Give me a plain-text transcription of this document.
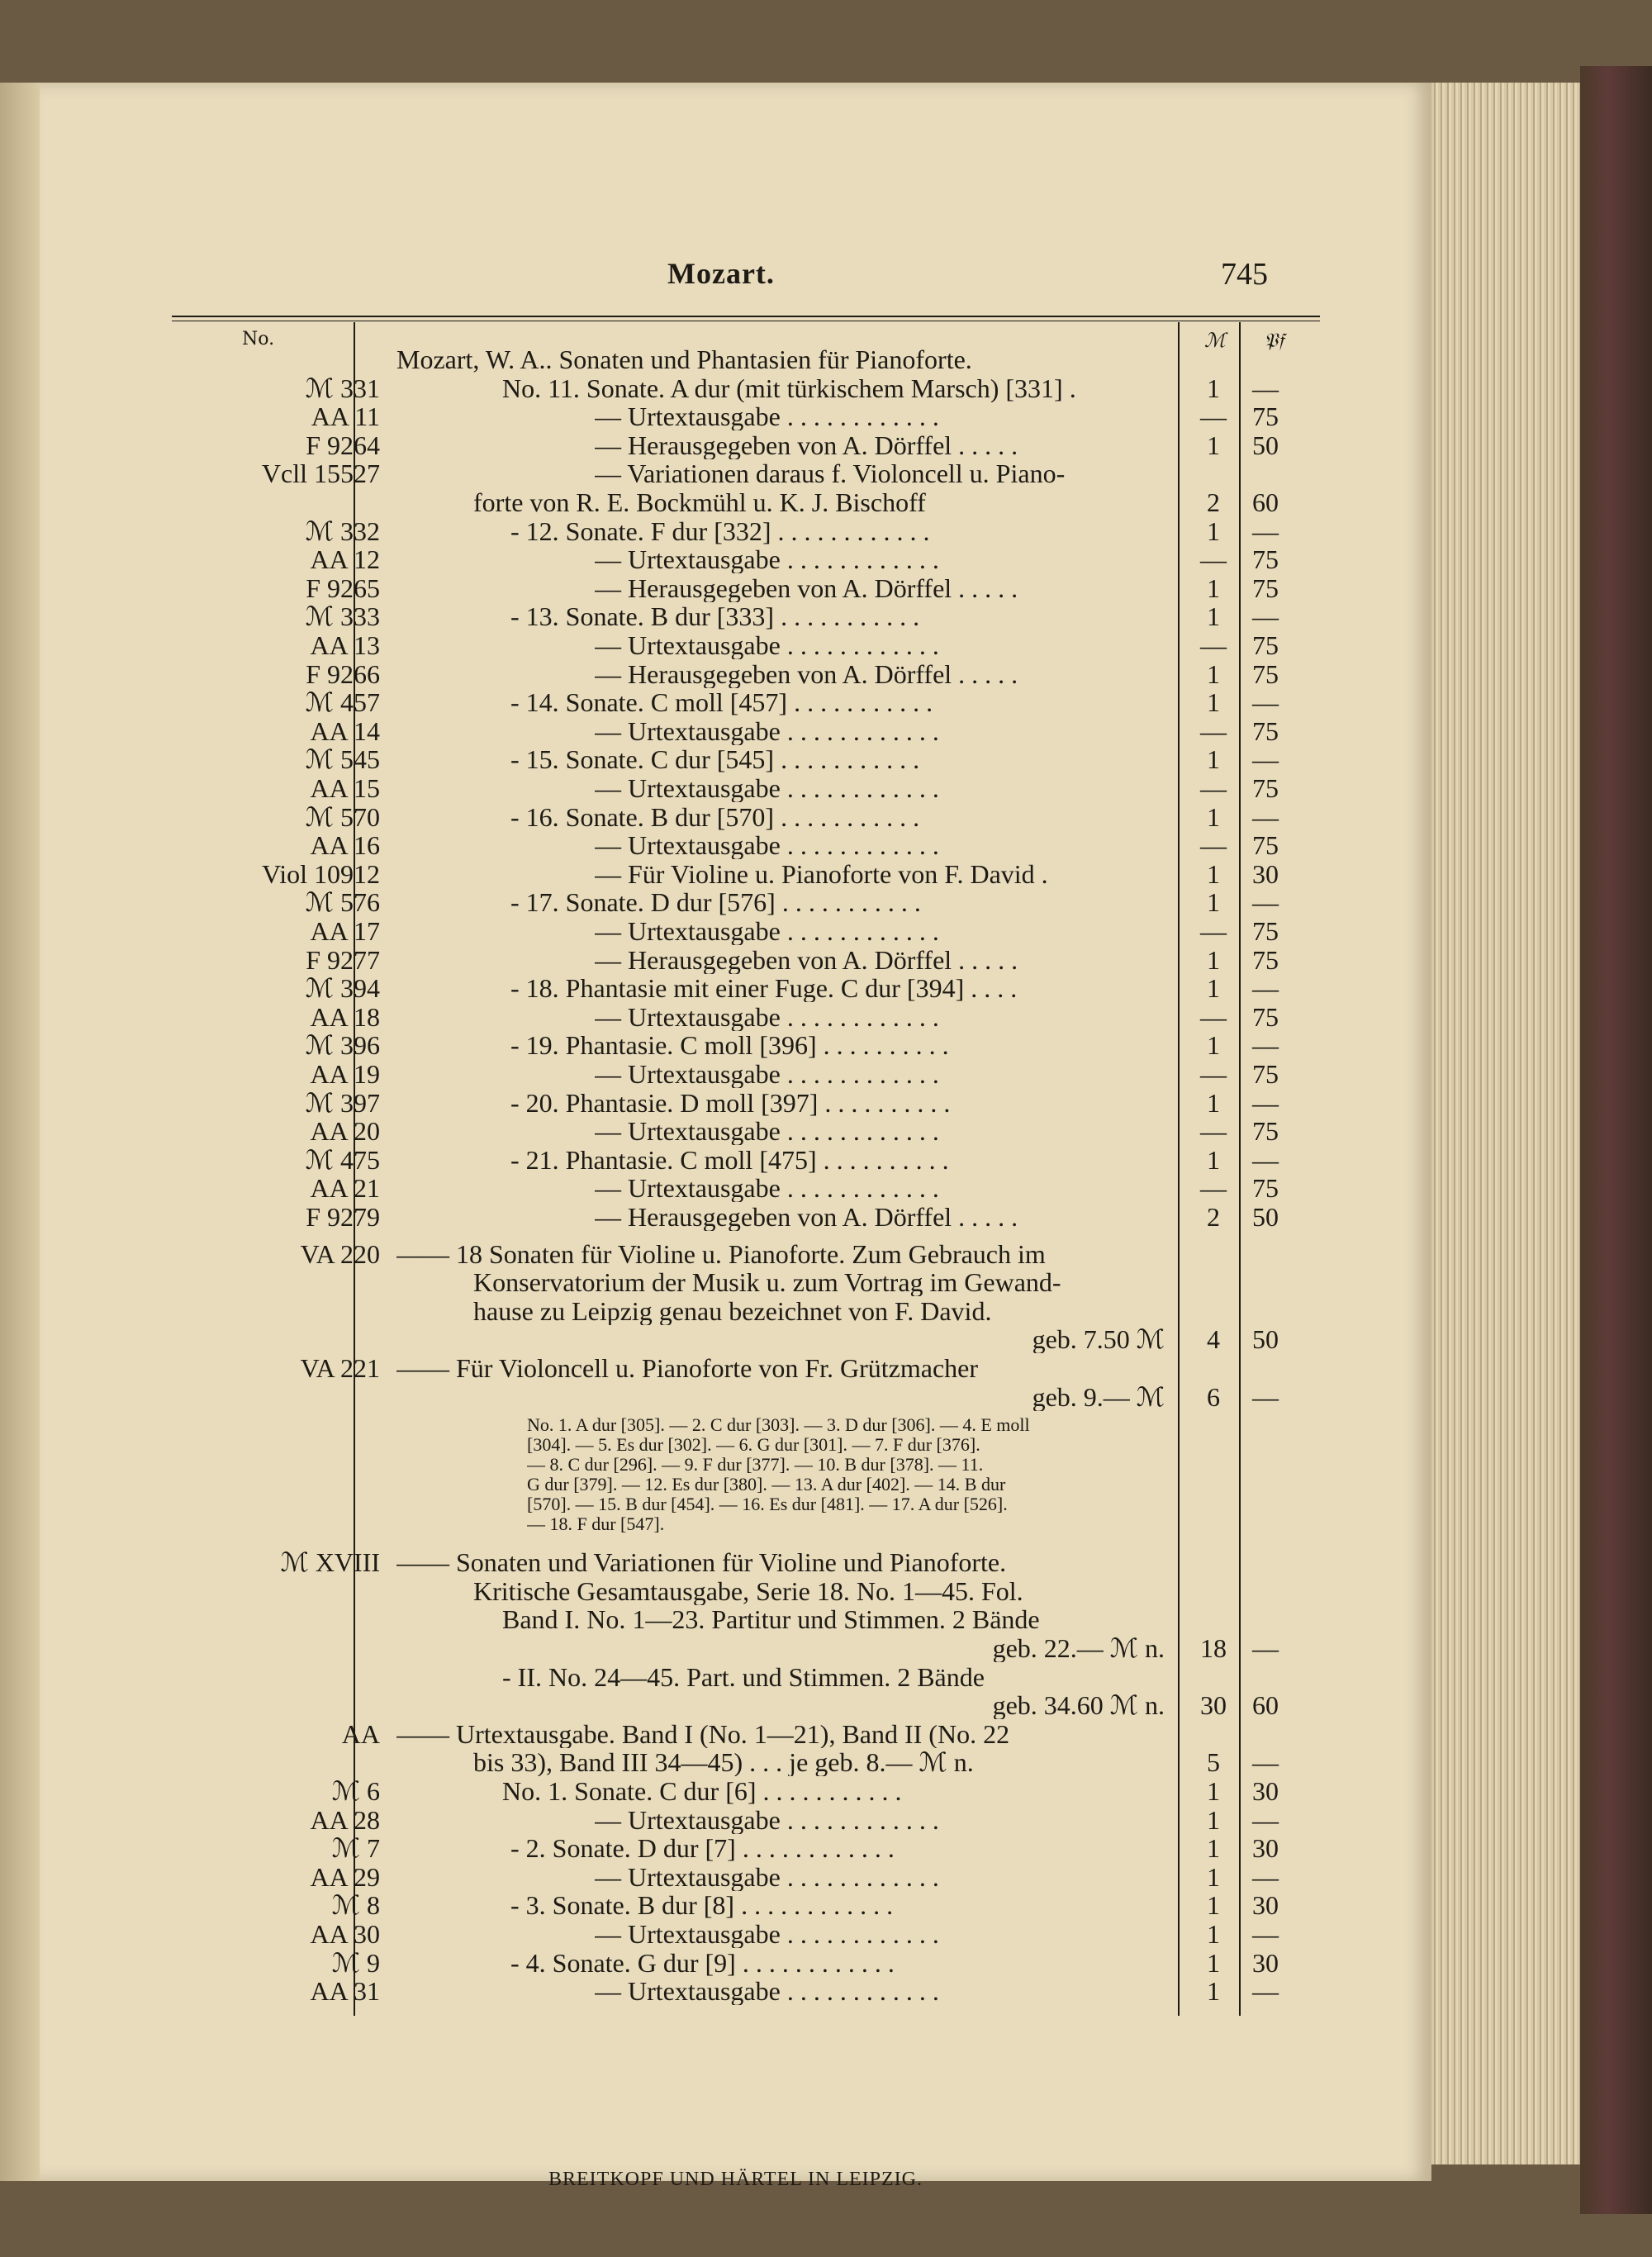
Mozart.	745
No.	ℳ 𝔓𝔣
Mozart, W. A.. Sonaten und Phantasien für Pianoforte.
ℳ 331	No. 11. Sonate. A dur (mit türkischem Marsch) [331] .	1	—
AA 11	— Urtextausgabe . . . . . . . . . . . .	— 75
F 9264	— Herausgegeben von A. Dörffel . . . . .	1	50
Vcll 15527	— Variationen daraus f. Violoncell u. Piano-
forte von R. E. Bockmühl u. K. J. Bischoff	2	60
ℳ 332	- 12. Sonate. F dur [332] . . . . . . . . . . . .	1	—
AA 12	— Urtextausgabe . . . . . . . . . . . .	— 75
F 9265	— Herausgegeben von A. Dörffel . . . . .	1	75
ℳ 333	- 13. Sonate. B dur [333] . . . . . . . . . . .	1	—
AA 13	— Urtextausgabe . . . . . . . . . . . .	— 75
F 9266	— Herausgegeben von A. Dörffel . . . . .	1	75
ℳ 457	- 14. Sonate. C moll [457] . . . . . . . . . . .	1	—
AA 14	— Urtextausgabe . . . . . . . . . . . .	— 75
ℳ 545	- 15. Sonate. C dur [545] . . . . . . . . . . .	1	—
AA 15	— Urtextausgabe . . . . . . . . . . . .	— 75
ℳ 570	- 16. Sonate. B dur [570] . . . . . . . . . . .	1	—
AA 16	— Urtextausgabe . . . . . . . . . . . .	— 75
Viol 10912	— Für Violine u. Pianoforte von F. David .	1	30
ℳ 576	- 17. Sonate. D dur [576] . . . . . . . . . . .	1	—
AA 17	— Urtextausgabe . . . . . . . . . . . .	— 75
F 9277	— Herausgegeben von A. Dörffel . . . . .	1	75
ℳ 394	- 18. Phantasie mit einer Fuge. C dur [394] . . . .	1	—
AA 18	— Urtextausgabe . . . . . . . . . . . .	— 75
ℳ 396	- 19. Phantasie. C moll [396] . . . . . . . . . .	1	—
AA 19	— Urtextausgabe . . . . . . . . . . . .	— 75
ℳ 397	- 20. Phantasie. D moll [397] . . . . . . . . . .	1	—
AA 20	— Urtextausgabe . . . . . . . . . . . .	— 75
ℳ 475	- 21. Phantasie. C moll [475] . . . . . . . . . .	1	—
AA 21	— Urtextausgabe . . . . . . . . . . . .	— 75
F 9279	— Herausgegeben von A. Dörffel . . . . .	2	50
VA 220 —— 18 Sonaten für Violine u. Pianoforte. Zum Gebrauch im
Konservatorium der Musik u. zum Vortrag im Gewand-
hause zu Leipzig genau bezeichnet von F. David.
geb. 7.50 ℳ	4	50
VA 221 —— Für Violoncell u. Pianoforte von Fr. Grützmacher
geb. 9.— ℳ	6	—
No. 1. A dur [305]. — 2. C dur [303]. — 3. D dur [306]. — 4. E moll
[304]. — 5. Es dur [302]. — 6. G dur [301]. — 7. F dur [376].
— 8. C dur [296]. — 9. F dur [377]. — 10. B dur [378]. — 11.
G dur [379]. — 12. Es dur [380]. — 13. A dur [402]. — 14. B dur
[570]. — 15. B dur [454]. — 16. Es dur [481]. — 17. A dur [526].
— 18. F dur [547].
ℳ XVIII —— Sonaten und Variationen für Violine und Pianoforte.
Kritische Gesamtausgabe, Serie 18. No. 1—45. Fol.
Band I. No. 1—23. Partitur und Stimmen. 2 Bände
geb. 22.— ℳ n.	18 —
- II. No. 24—45. Part. und Stimmen. 2 Bände
geb. 34.60 ℳ n.	30 60
AA —— Urtextausgabe. Band I (No. 1—21), Band II (No. 22
bis 33), Band III 34—45) . . . je geb. 8.— ℳ n.	5	—
ℳ 6	No. 1. Sonate. C dur [6] . . . . . . . . . . .	1	30
AA 28	— Urtextausgabe . . . . . . . . . . . .	1	—
ℳ 7	- 2. Sonate. D dur [7] . . . . . . . . . . . .	1	30
AA 29	— Urtextausgabe . . . . . . . . . . . .	1	—
ℳ 8	- 3. Sonate. B dur [8] . . . . . . . . . . . .	1	30
AA 30	— Urtextausgabe . . . . . . . . . . . .	1	—
ℳ 9	- 4. Sonate. G dur [9] . . . . . . . . . . . .	1	30
AA 31	— Urtextausgabe . . . . . . . . . . . .	1	—
BREITKOPF UND HÄRTEL IN LEIPZIG.
